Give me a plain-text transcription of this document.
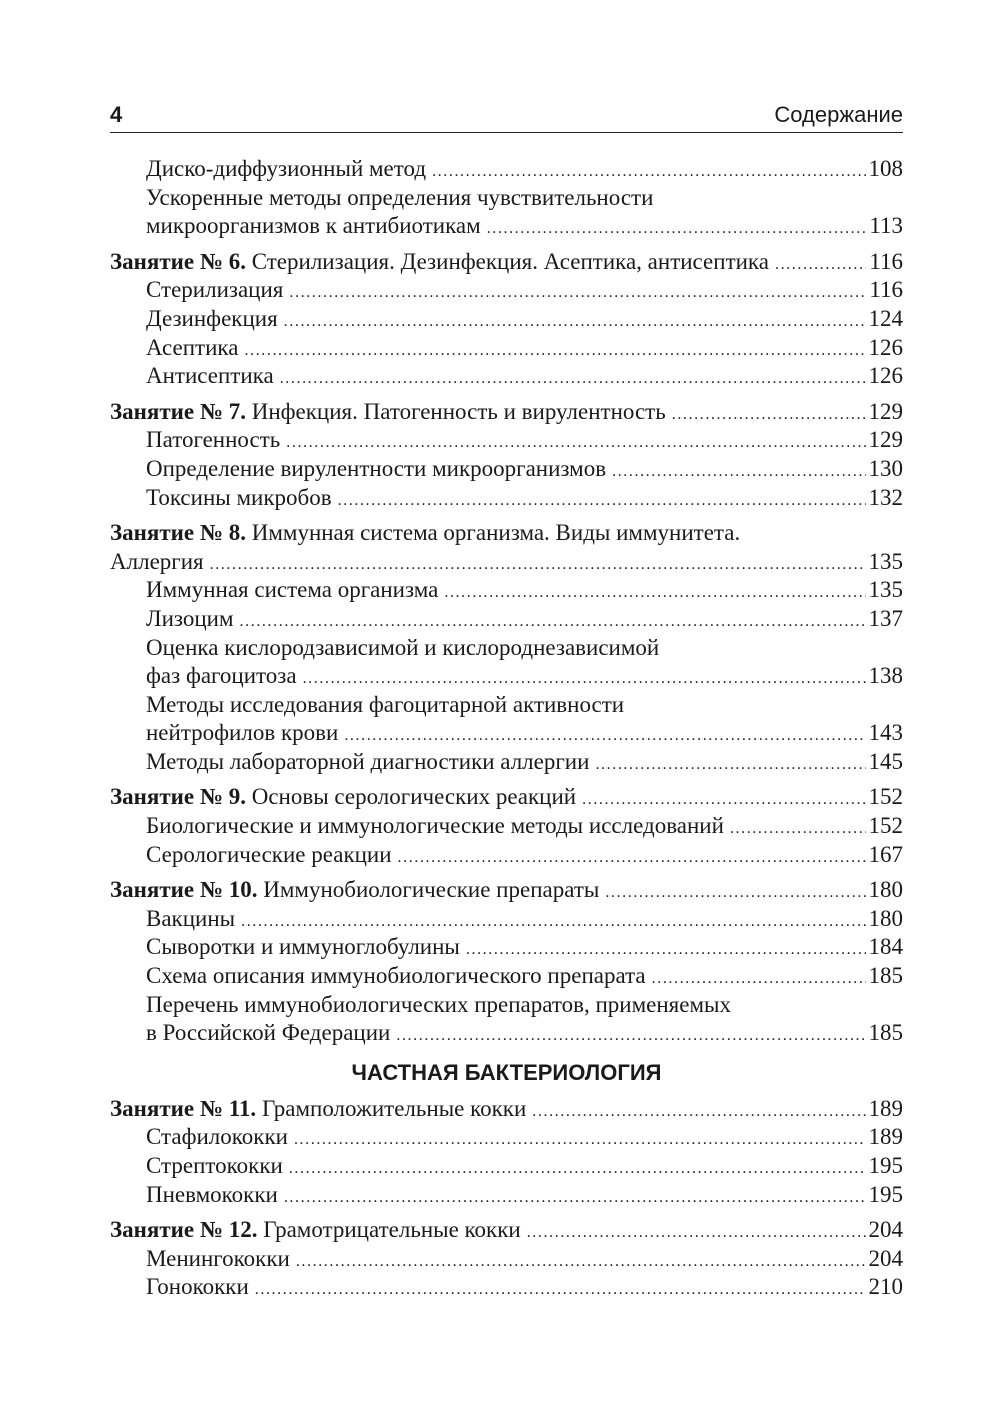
4	Содержание
Диско-диффузионный метод .....	108
Ускоренные методы определения чувствительности
микроорганизмов к антибиотикам .....	113
Занятие № 6. Стерилизация. Дезинфекция. Асептика, антисептика .....	116
Стерилизация .....	116
Дезинфекция .....	124
Асептика .....	126
Антисептика .....	126
Занятие № 7. Инфекция. Патогенность и вирулентность .....	129
Патогенность .....	129
Определение вирулентности микроорганизмов .....	130
Токсины микробов .....	132
Занятие № 8. Иммунная система организма. Виды иммунитета.
Аллергия .....	135
Иммунная система организма .....	135
Лизоцим .....	137
Оценка кислородзависимой и кислороднезависимой
фаз фагоцитоза .....	138
Методы исследования фагоцитарной активности
нейтрофилов крови .....	143
Методы лабораторной диагностики аллергии .....	145
Занятие № 9. Основы серологических реакций .....	152
Биологические и иммунологические методы исследований .....	152
Серологические реакции .....	167
Занятие № 10. Иммунобиологические препараты .....	180
Вакцины .....	180
Сыворотки и иммуноглобулины .....	184
Схема описания иммунобиологического препарата .....	185
Перечень иммунобиологических препаратов, применяемых
в Российской Федерации .....	185
ЧАСТНАЯ БАКТЕРИОЛОГИЯ
Занятие № 11. Грамположительные кокки .....	189
Стафилококки .....	189
Стрептококки .....	195
Пневмококки .....	195
Занятие № 12. Грамотрицательные кокки .....	204
Менингококки .....	204
Гонококки .....	210
